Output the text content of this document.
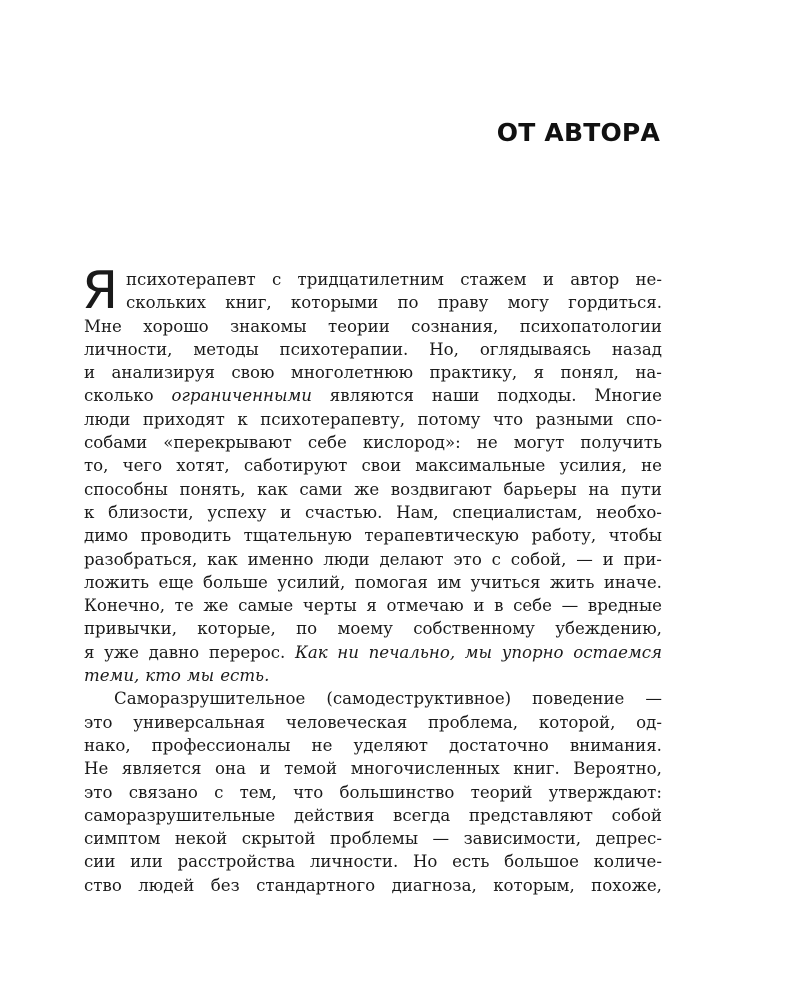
ОТ АВТОРА
Я психотерапевт с тридцатилетним стажем и автор не-
скольких книг, которыми по праву могу гордиться.
Мне хорошо знакомы теории сознания, психопатологии
личности, методы психотерапии. Но, оглядываясь назад
и анализируя свою многолетнюю практику, я понял, на-
сколько ограниченными являются наши подходы. Многие
люди приходят к психотерапевту, потому что разными спо-
собами «перекрывают себе кислород»: не могут получить
то, чего хотят, саботируют свои максимальные усилия, не
способны понять, как сами же воздвигают барьеры на пути
к близости, успеху и счастью. Нам, специалистам, необхо-
димо проводить тщательную терапевтическую работу, чтобы
разобраться, как именно люди делают это с собой, — и при-
ложить еще больше усилий, помогая им учиться жить иначе.
Конечно, те же самые черты я отмечаю и в себе — вредные
привычки, которые, по моему собственному убеждению,
я уже давно перерос. Как ни печально, мы упорно остаемся
теми, кто мы есть.
Саморазрушительное (самодеструктивное) поведение —
это универсальная человеческая проблема, которой, од-
нако, профессионалы не уделяют достаточно внимания.
Не является она и темой многочисленных книг. Вероятно,
это связано с тем, что большинство теорий утверждают:
саморазрушительные действия всегда представляют собой
симптом некой скрытой проблемы — зависимости, депрес-
сии или расстройства личности. Но есть большое количе-
ство людей без стандартного диагноза, которым, похоже,
